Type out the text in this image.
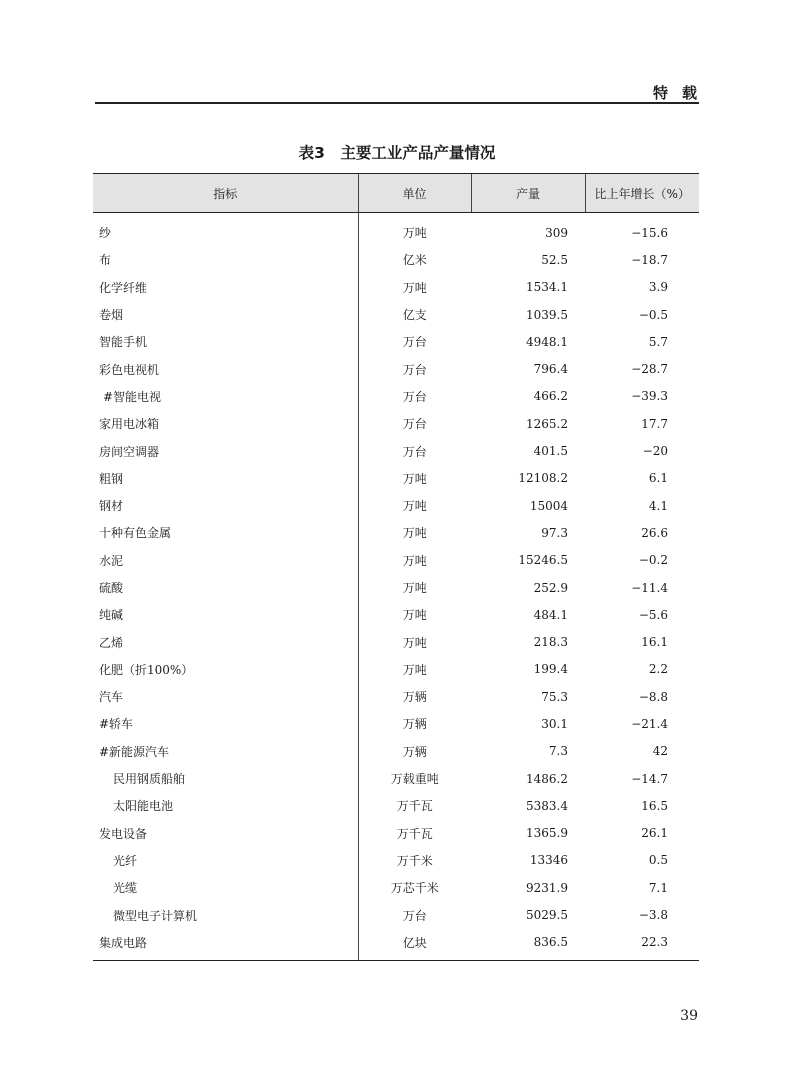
特载
表3　主要工业产品产量情况
指标	单位	产量	比上年增长（%）
纱	万吨	309	−15.6
布	亿米	52.5	−18.7
化学纤维	万吨	1534.1	3.9
卷烟	亿支	1039.5	−0.5
智能手机	万台	4948.1	5.7
彩色电视机	万台	796.4	−28.7
#智能电视	万台	466.2	−39.3
家用电冰箱	万台	1265.2	17.7
房间空调器	万台	401.5	−20
粗钢	万吨	12108.2	6.1
钢材	万吨	15004	4.1
十种有色金属	万吨	97.3	26.6
水泥	万吨	15246.5	−0.2
硫酸	万吨	252.9	−11.4
纯碱	万吨	484.1	−5.6
乙烯	万吨	218.3	16.1
化肥（折100%）	万吨	199.4	2.2
汽车	万辆	75.3	−8.8
#轿车	万辆	30.1	−21.4
#新能源汽车	万辆	7.3	42
民用钢质船舶	万载重吨	1486.2	−14.7
太阳能电池	万千瓦	5383.4	16.5
发电设备	万千瓦	1365.9	26.1
光纤	万千米	13346	0.5
光缆	万芯千米	9231.9	7.1
微型电子计算机	万台	5029.5	−3.8
集成电路	亿块	836.5	22.3
39
